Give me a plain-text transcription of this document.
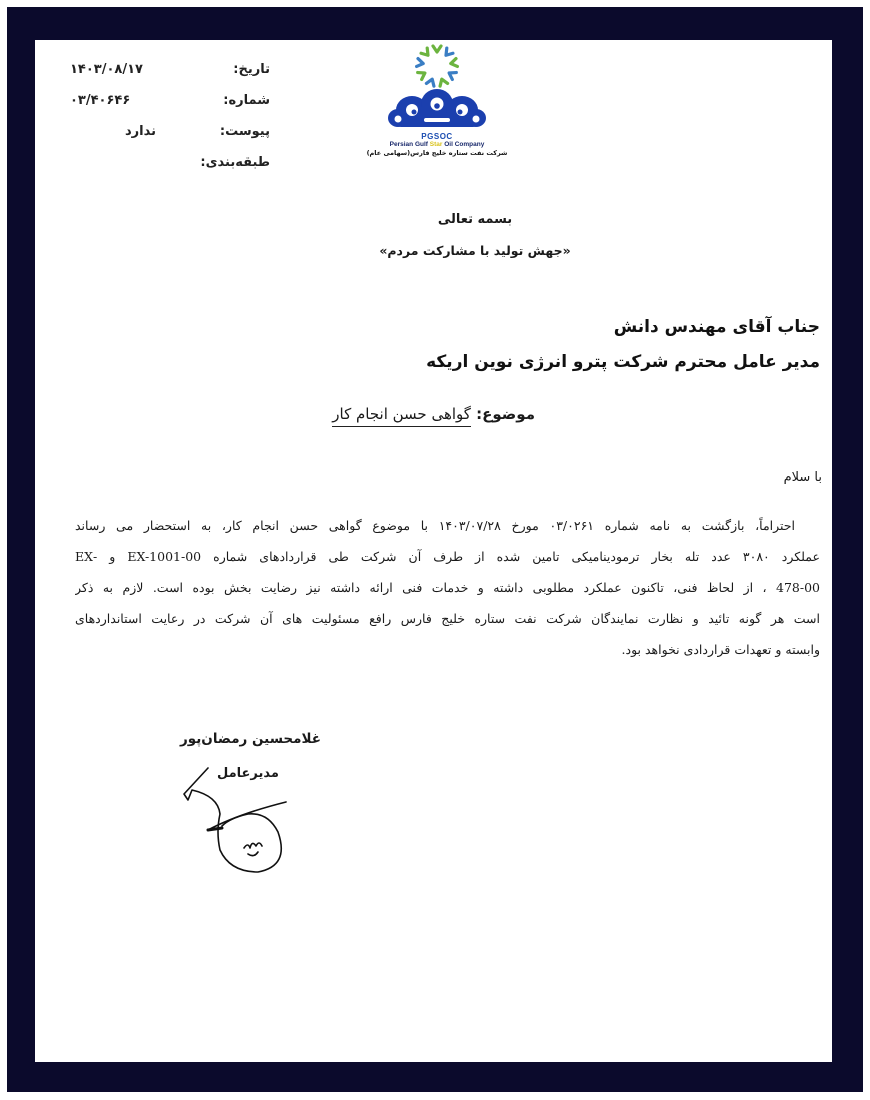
تاریخ:
۱۴۰۳/۰۸/۱۷
شماره:
۰۳/۴۰۶۴۶
پیوست:
ندارد
طبقه‌بندی:
PGSOC
Persian Gulf Star Oil Company
شرکت نفت ستاره خلیج فارس(سهامی عام)
بسمه تعالی
«جهش تولید با مشارکت مردم»
جناب آقای مهندس دانش
مدیر عامل محترم شرکت پترو انرژی نوین اریکه
موضوع: گواهی حسن انجام کار
با سلام
احتراماً، بازگشت به نامه شماره ۰۳/۰۲۶۱ مورخ ۱۴۰۳/۰۷/۲۸ با موضوع گواهی حسن انجام کار، به استحضار می رساند
عملکرد ۳۰۸۰ عدد تله بخار ترمودینامیکی تامین شده از طرف آن شرکت طی قراردادهای شماره EX-1001-00 و -EX
478-00 ، از لحاظ فنی، تاکنون عملکرد مطلوبی داشته و خدمات فنی ارائه داشته نیز رضایت بخش بوده است. لازم به ذکر
است هر گونه تائید و نظارت نمایندگان شرکت نفت ستاره خلیج فارس رافع مسئولیت های آن شرکت در رعایت استانداردهای
وابسته و تعهدات قراردادی نخواهد بود.
غلامحسین رمضان‌پور
مدیرعامل
